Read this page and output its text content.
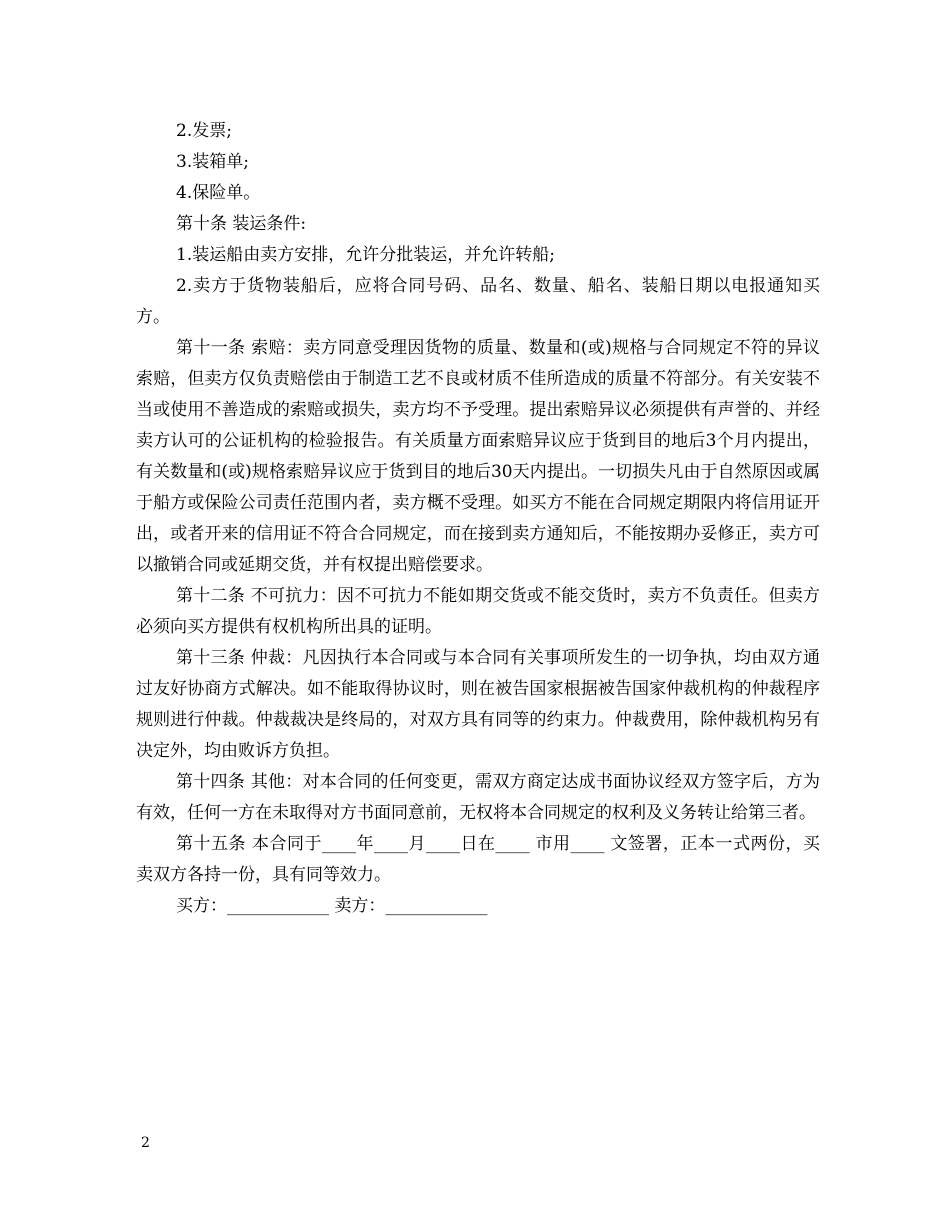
2.发票;

3.装箱单;

4.保险单。

第十条 装运条件:

1.装运船由卖方安排，允许分批装运，并允许转船;

2.卖方于货物装船后，应将合同号码、品名、数量、船名、装船日期以电报通知买方。

第十一条 索赔：卖方同意受理因货物的质量、数量和(或)规格与合同规定不符的异议索赔，但卖方仅负责赔偿由于制造工艺不良或材质不佳所造成的质量不符部分。有关安装不当或使用不善造成的索赔或损失，卖方均不予受理。提出索赔异议必须提供有声誉的、并经卖方认可的公证机构的检验报告。有关质量方面索赔异议应于货到目的地后3个月内提出，有关数量和(或)规格索赔异议应于货到目的地后30天内提出。一切损失凡由于自然原因或属于船方或保险公司责任范围内者，卖方概不受理。如买方不能在合同规定期限内将信用证开出，或者开来的信用证不符合合同规定，而在接到卖方通知后，不能按期办妥修正，卖方可以撤销合同或延期交货，并有权提出赔偿要求。

第十二条 不可抗力：因不可抗力不能如期交货或不能交货时，卖方不负责任。但卖方必须向买方提供有权机构所出具的证明。

第十三条 仲裁：凡因执行本合同或与本合同有关事项所发生的一切争执，均由双方通过友好协商方式解决。如不能取得协议时，则在被告国家根据被告国家仲裁机构的仲裁程序规则进行仲裁。仲裁裁决是终局的，对双方具有同等的约束力。仲裁费用，除仲裁机构另有决定外，均由败诉方负担。

第十四条 其他：对本合同的任何变更，需双方商定达成书面协议经双方签字后，方为有效，任何一方在未取得对方书面同意前，无权将本合同规定的权利及义务转让给第三者。

第十五条 本合同于____年____月____日在____ 市用____ 文签署，正本一式两份，买卖双方各持一份，具有同等效力。

买方：____________ 卖方：____________

2
